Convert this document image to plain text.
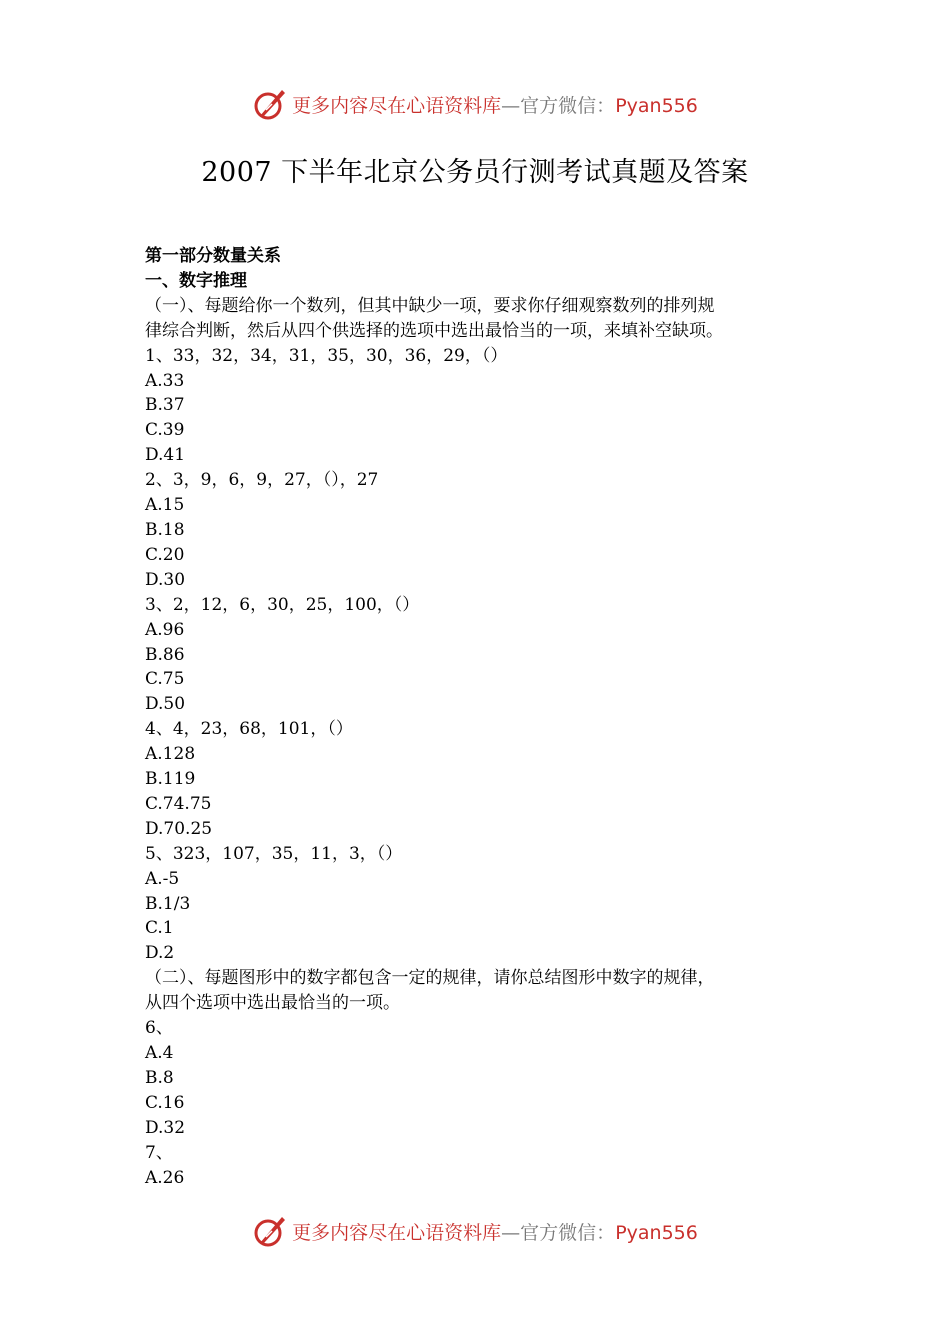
更多内容尽在心语资料库—官方微信：Pyan556
2007 下半年北京公务员行测考试真题及答案

第一部分数量关系

一、数字推理

（一）、每题给你一个数列，但其中缺少一项，要求你仔细观察数列的排列规

律综合判断，然后从四个供选择的选项中选出最恰当的一项，来填补空缺项。

1、33，32，34，31，35，30，36，29，（）

A.33

B.37

C.39

D.41

2、3，9，6，9，27，（），27

A.15

B.18

C.20

D.30

3、2，12，6，30，25，100，（）

A.96

B.86

C.75

D.50

4、4，23，68，101，（）

A.128

B.119

C.74.75

D.70.25

5、323，107，35，11，3，（）

A.-5

B.1/3

C.1

D.2

（二）、每题图形中的数字都包含一定的规律，请你总结图形中数字的规律，

从四个选项中选出最恰当的一项。

6、

A.4

B.8

C.16

D.32

7、

A.26

更多内容尽在心语资料库—官方微信：Pyan556
